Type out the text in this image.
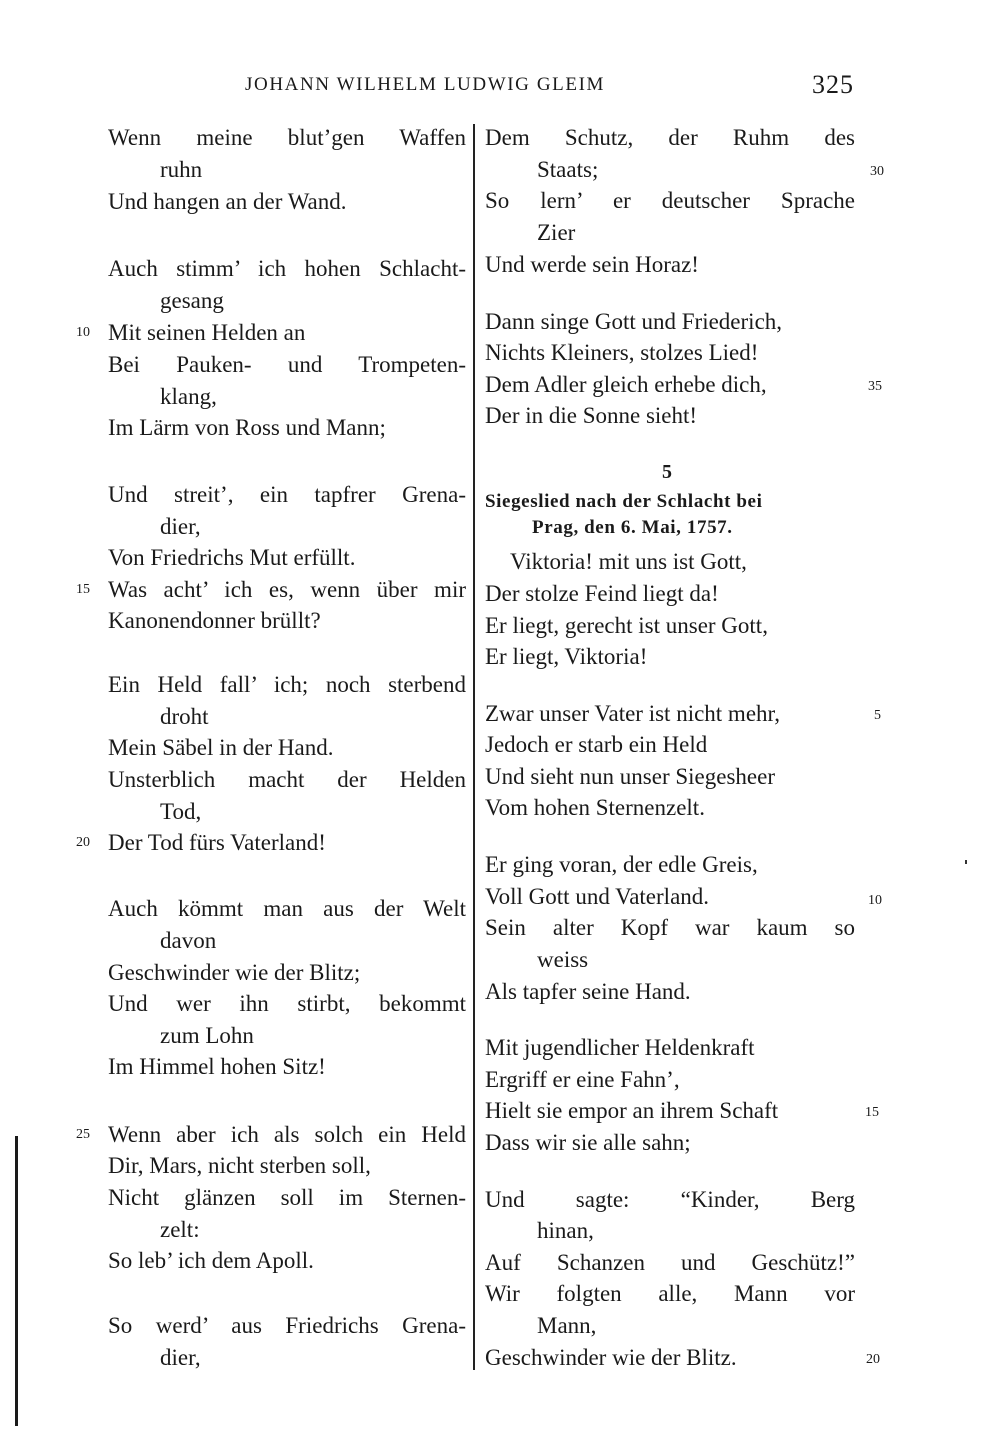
JOHANN WILHELM LUDWIG GLEIM	325
Wenn meine blut’gen Waffen
ruhn
Und hangen an der Wand.
Auch stimm’ ich hohen Schlacht-
gesang
10 Mit seinen Helden an
Bei Pauken- und Trompeten-
klang,
Im Lärm von Ross und Mann;
Und streit’, ein tapfrer Grena-
dier,
Von Friedrichs Mut erfüllt.
15 Was acht’ ich es, wenn über mir
Kanonendonner brüllt?
Ein Held fall’ ich; noch sterbend
droht
Mein Säbel in der Hand.
Unsterblich macht der Helden
Tod,
20 Der Tod fürs Vaterland!
Auch kömmt man aus der Welt
davon
Geschwinder wie der Blitz;
Und wer ihn stirbt, bekommt
zum Lohn
Im Himmel hohen Sitz!
25 Wenn aber ich als solch ein Held
Dir, Mars, nicht sterben soll,
Nicht glänzen soll im Sternen-
zelt:
So leb’ ich dem Apoll.
So werd’ aus Friedrichs Grena-
dier,
Dem Schutz, der Ruhm des
Staats;	30
So lern’ er deutscher Sprache
Zier
Und werde sein Horaz!
Dann singe Gott und Friederich,
Nichts Kleiners, stolzes Lied!
Dem Adler gleich erhebe dich,	35
Der in die Sonne sieht!
5
Siegeslied nach der Schlacht bei
Prag, den 6. Mai, 1757.
Viktoria! mit uns ist Gott,
Der stolze Feind liegt da!
Er liegt, gerecht ist unser Gott,
Er liegt, Viktoria!
Zwar unser Vater ist nicht mehr,	5
Jedoch er starb ein Held
Und sieht nun unser Siegesheer
Vom hohen Sternenzelt.
Er ging voran, der edle Greis,
Voll Gott und Vaterland.	10
Sein alter Kopf war kaum so
weiss
Als tapfer seine Hand.
Mit jugendlicher Heldenkraft
Ergriff er eine Fahn’,
Hielt sie empor an ihrem Schaft	15
Dass wir sie alle sahn;
Und sagte: “Kinder, Berg
hinan,
Auf Schanzen und Geschütz!”
Wir folgten alle, Mann vor
Mann,
Geschwinder wie der Blitz.	20
